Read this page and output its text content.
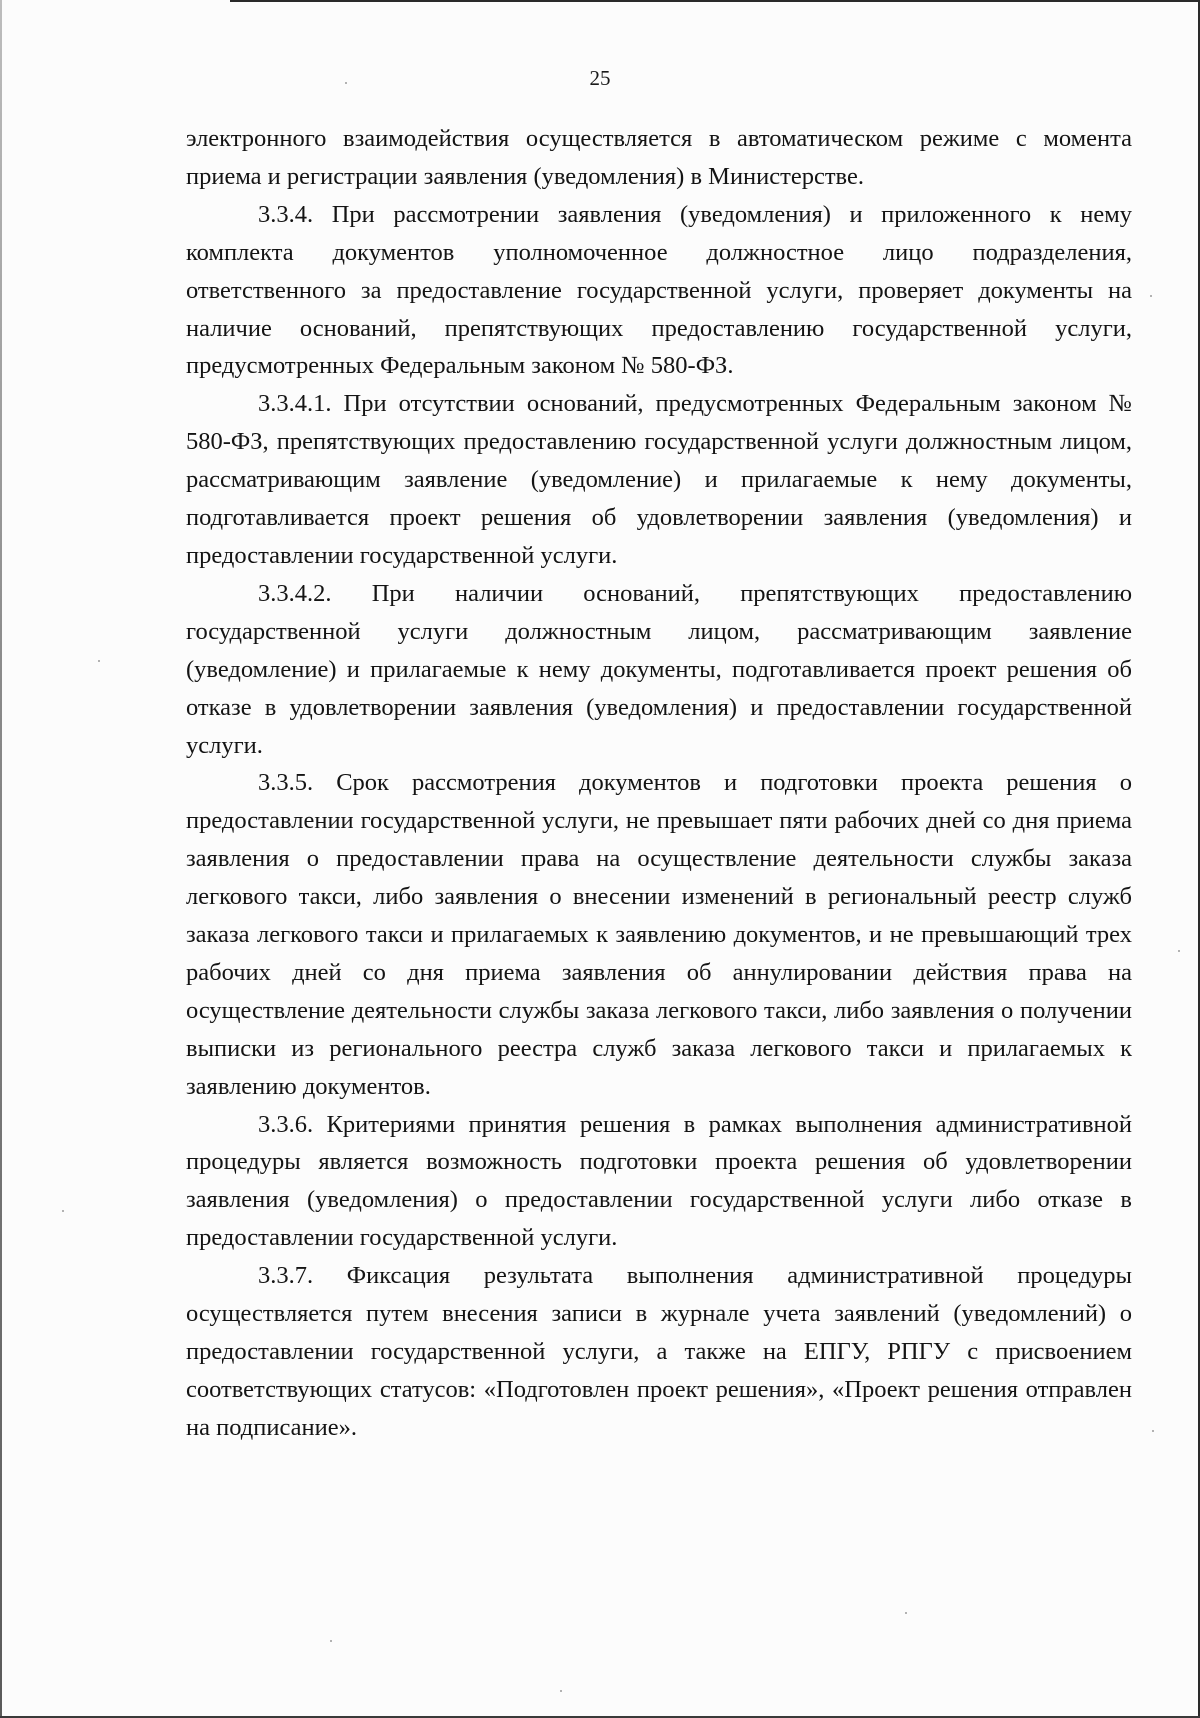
25

электронного взаимодействия осуществляется в автоматическом режиме с момента приема и регистрации заявления (уведомления) в Министерстве.

3.3.4. При рассмотрении заявления (уведомления) и приложенного к нему комплекта документов уполномоченное должностное лицо подразделения, ответственного за предоставление государственной услуги, проверяет документы на наличие оснований, препятствующих предоставлению государственной услуги, предусмотренных Федеральным законом № 580-ФЗ.

3.3.4.1. При отсутствии оснований, предусмотренных Федеральным законом № 580-ФЗ, препятствующих предоставлению государственной услуги должностным лицом, рассматривающим заявление (уведомление) и прилагаемые к нему документы, подготавливается проект решения об удовлетворении заявления (уведомления) и предоставлении государственной услуги.

3.3.4.2. При наличии оснований, препятствующих предоставлению государственной услуги должностным лицом, рассматривающим заявление (уведомление) и прилагаемые к нему документы, подготавливается проект решения об отказе в удовлетворении заявления (уведомления) и предоставлении государственной услуги.

3.3.5. Срок рассмотрения документов и подготовки проекта решения о предоставлении государственной услуги, не превышает пяти рабочих дней со дня приема заявления о предоставлении права на осуществление деятельности службы заказа легкового такси, либо заявления о внесении изменений в региональный реестр служб заказа легкового такси и прилагаемых к заявлению документов, и не превышающий трех рабочих дней со дня приема заявления об аннулировании действия права на осуществление деятельности службы заказа легкового такси, либо заявления о получении выписки из регионального реестра служб заказа легкового такси и прилагаемых к заявлению документов.

3.3.6. Критериями принятия решения в рамках выполнения административной процедуры является возможность подготовки проекта решения об удовлетворении заявления (уведомления) о предоставлении государственной услуги либо отказе в предоставлении государственной услуги.

3.3.7. Фиксация результата выполнения административной процедуры осуществляется путем внесения записи в журнале учета заявлений (уведомлений) о предоставлении государственной услуги, а также на ЕПГУ, РПГУ с присвоением соответствующих статусов: «Подготовлен проект решения», «Проект решения отправлен на подписание».
